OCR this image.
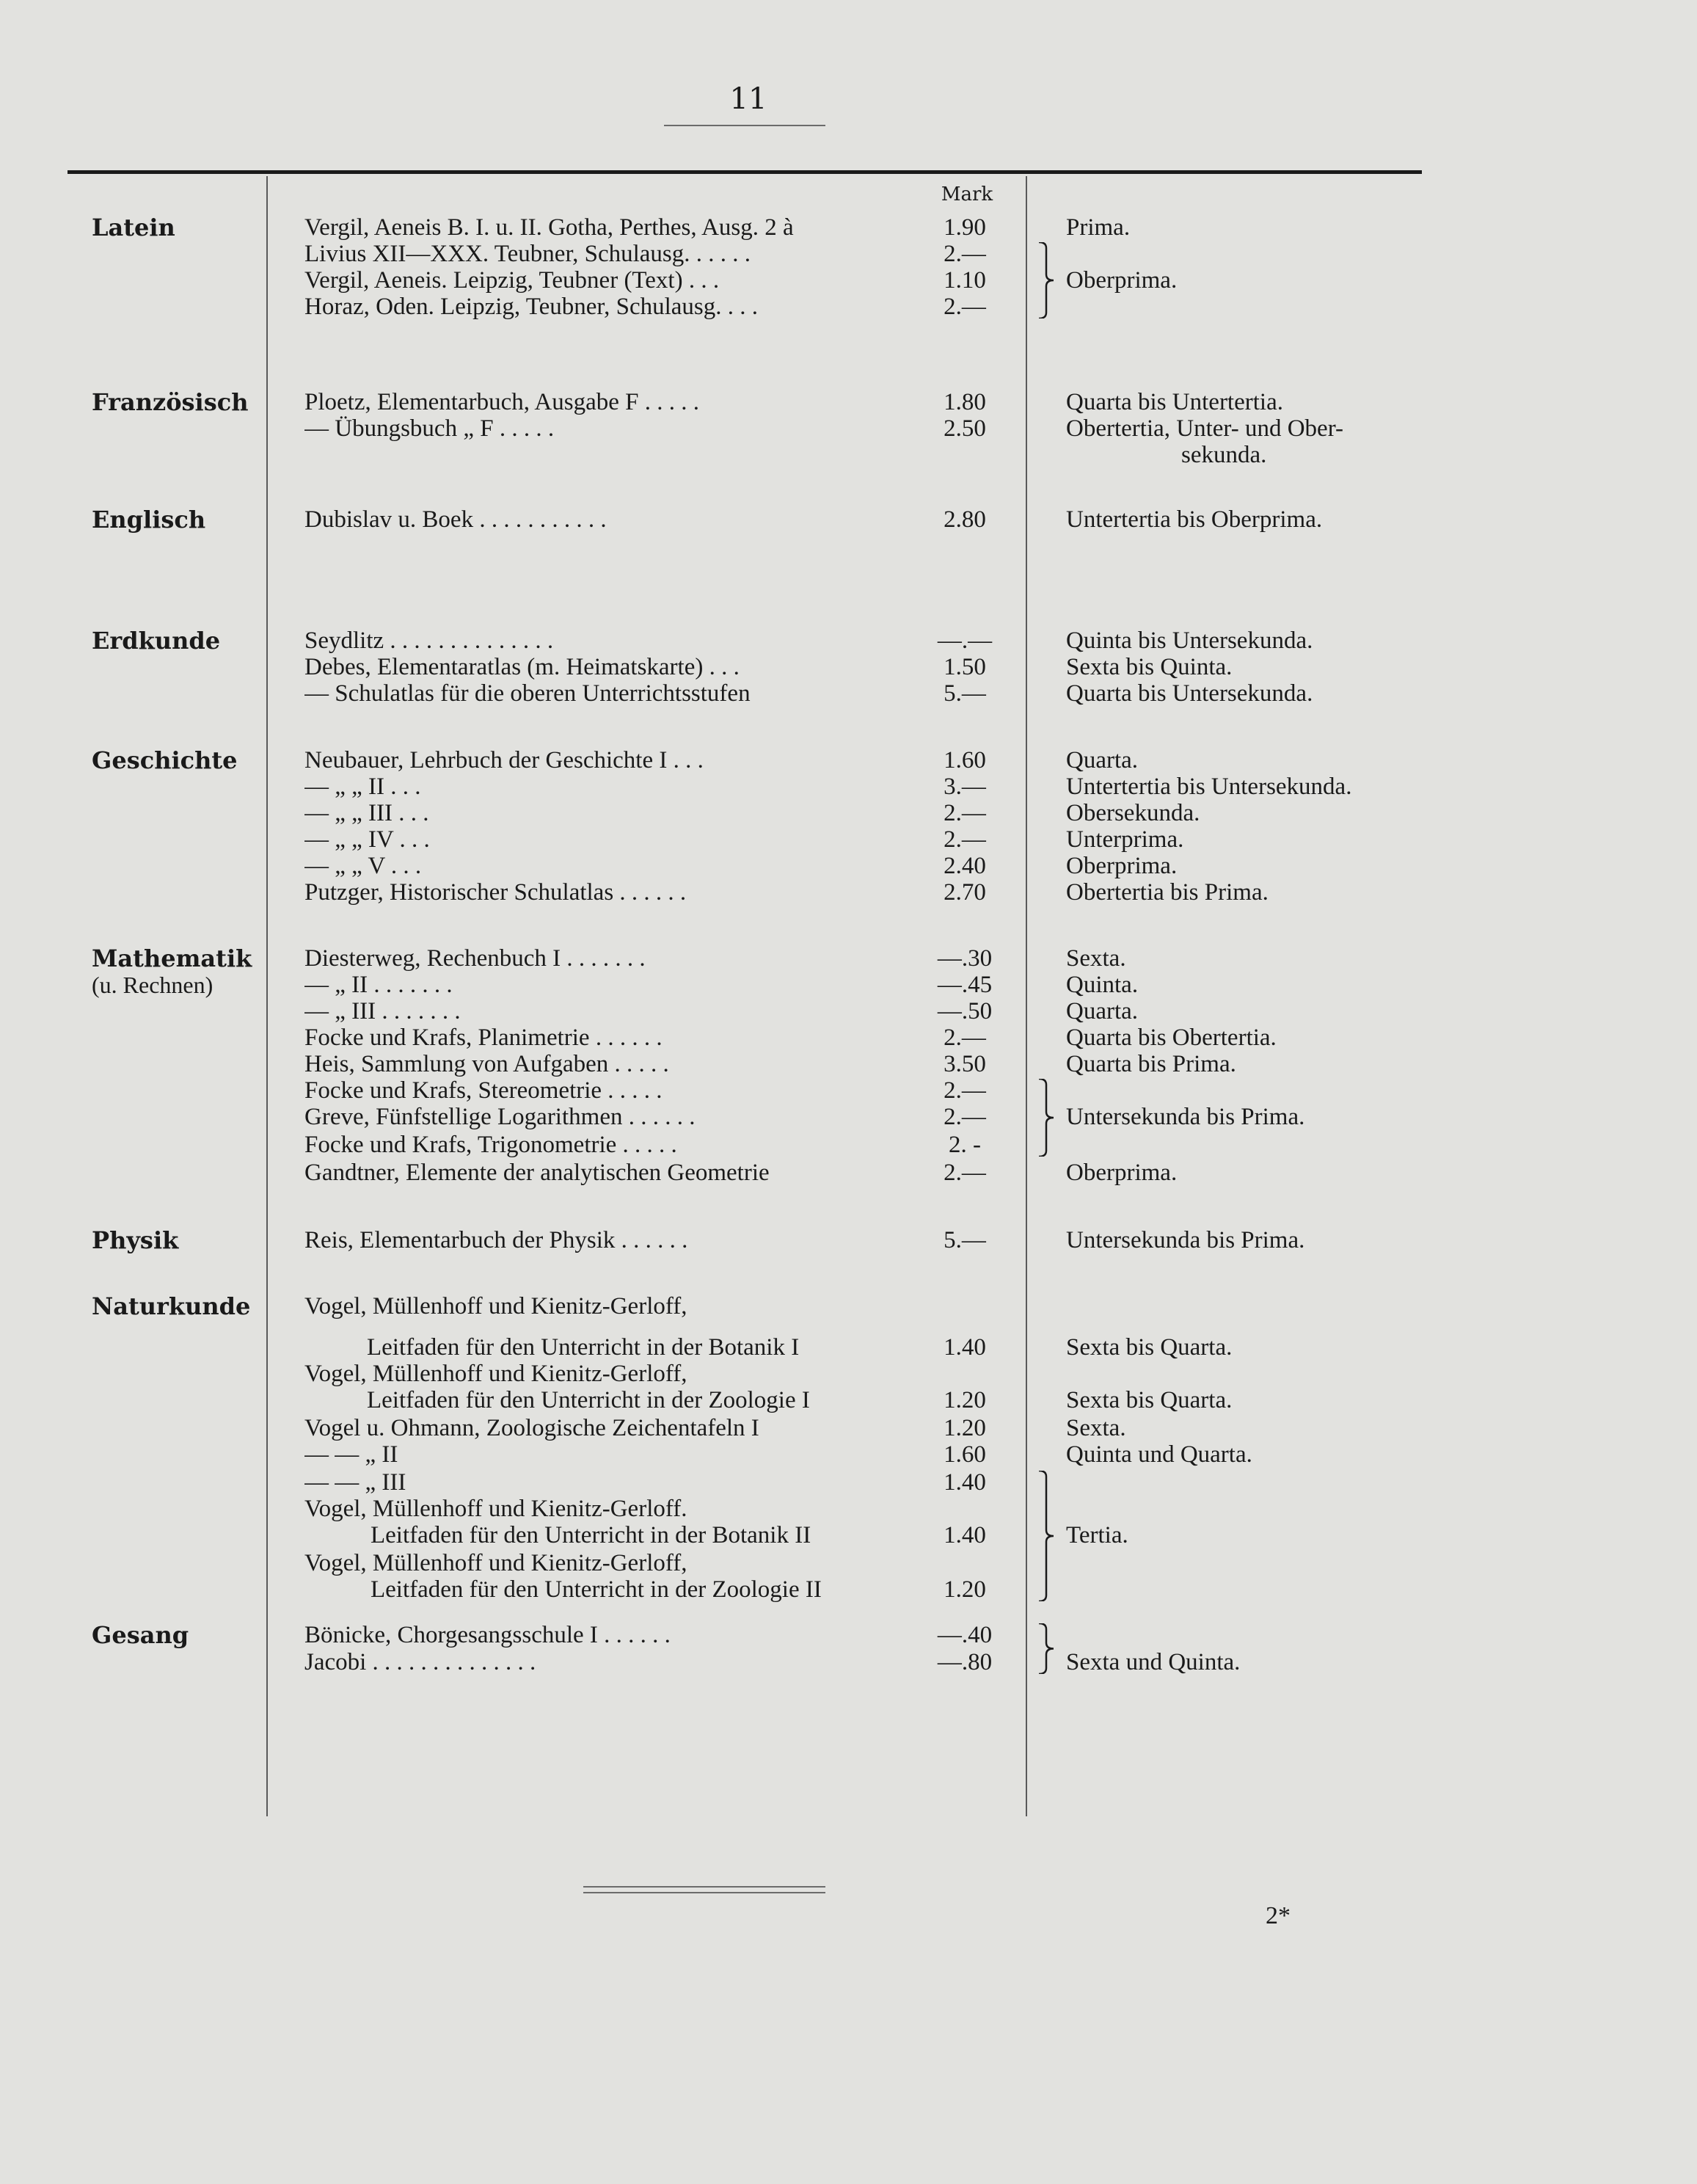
11
Mark
Latein	Vergil, Aeneis B. I. u. II. Gotha, Perthes, Ausg. 2 à	1.90	Prima.
Livius XII—XXX. Teubner, Schulausg. . . . . .	2.—
Vergil, Aeneis. Leipzig, Teubner (Text) . . .	1.10	Oberprima.
Horaz, Oden. Leipzig, Teubner, Schulausg. . . .	2.—
Französisch	Ploetz, Elementarbuch, Ausgabe F . . . . .	1.80	Quarta bis Untertertia.
— Übungsbuch „ F . . . . .	2.50	Obertertia, Unter- und Ober-
sekunda.
Englisch	Dubislav u. Boek . . . . . . . . . . .	2.80	Untertertia bis Oberprima.
Erdkunde	Seydlitz . . . . . . . . . . . . . .	—.—	Quinta bis Untersekunda.
Debes, Elementaratlas (m. Heimatskarte) . . .	1.50	Sexta bis Quinta.
— Schulatlas für die oberen Unterrichtsstufen	5.—	Quarta bis Untersekunda.
Geschichte	Neubauer, Lehrbuch der Geschichte I . . .	1.60	Quarta.
— „ „ II . . .	3.—	Untertertia bis Untersekunda.
— „ „ III . . .	2.—	Obersekunda.
— „ „ IV . . .	2.—	Unterprima.
— „ „ V . . .	2.40	Oberprima.
Putzger, Historischer Schulatlas . . . . . .	2.70	Obertertia bis Prima.
Mathematik
(u. Rechnen)
Diesterweg, Rechenbuch I . . . . . . .	—.30	Sexta.
— „ II . . . . . . .	—.45	Quinta.
— „ III . . . . . . .	—.50	Quarta.
Focke und Krafs, Planimetrie . . . . . .	2.—	Quarta bis Obertertia.
Heis, Sammlung von Aufgaben . . . . .	3.50	Quarta bis Prima.
Focke und Krafs, Stereometrie . . . . .	2.—
Greve, Fünfstellige Logarithmen . . . . . .	2.—	Untersekunda bis Prima.
Focke und Krafs, Trigonometrie . . . . .	2. -
Gandtner, Elemente der analytischen Geometrie	2.—	Oberprima.
Physik	Reis, Elementarbuch der Physik . . . . . .	5.—	Untersekunda bis Prima.
Naturkunde	Vogel, Müllenhoff und Kienitz-Gerloff,
Leitfaden für den Unterricht in der Botanik I	1.40	Sexta bis Quarta.
Vogel, Müllenhoff und Kienitz-Gerloff,
Leitfaden für den Unterricht in der Zoologie I	1.20	Sexta bis Quarta.
Vogel u. Ohmann, Zoologische Zeichentafeln I	1.20	Sexta.
— — „ II	1.60	Quinta und Quarta.
— — „ III	1.40
Vogel, Müllenhoff und Kienitz-Gerloff.
Leitfaden für den Unterricht in der Botanik II	1.40	Tertia.
Vogel, Müllenhoff und Kienitz-Gerloff,
Leitfaden für den Unterricht in der Zoologie II	1.20
Gesang	Bönicke, Chorgesangsschule I . . . . . .	—.40
Jacobi . . . . . . . . . . . . . .	—.80	Sexta und Quinta.
2*
